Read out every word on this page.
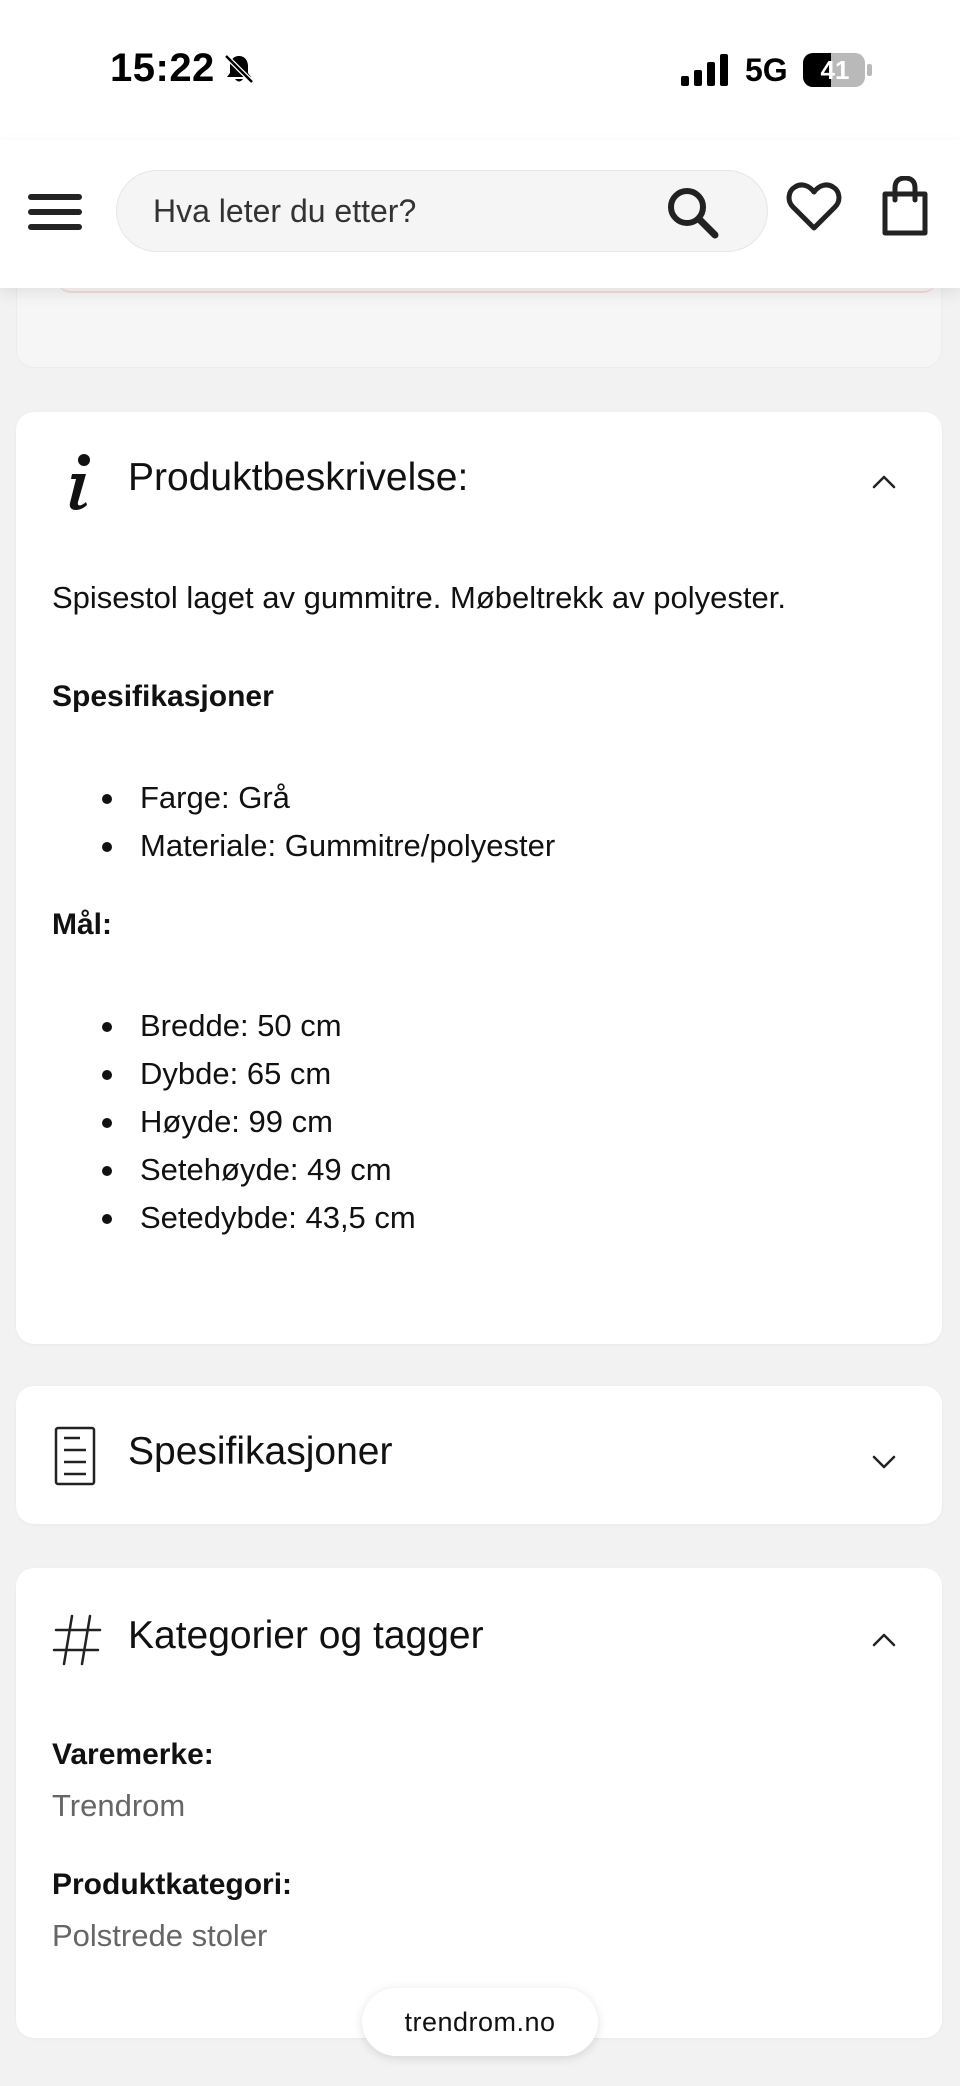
15:22	5G 41
Hva leter du etter?
Produktbeskrivelse:

Spisestol laget av gummitre. Møbeltrekk av polyester.

Spesifikasjoner

Farge: Grå
Materiale: Gummitre/polyester

Mål:

Bredde: 50 cm
Dybde: 65 cm
Høyde: 99 cm
Setehøyde: 49 cm
Setedybde: 43,5 cm
Spesifikasjoner
Kategorier og tagger

Varemerke:

Trendrom

Produktkategori:

Polstrede stoler
trendrom.no
